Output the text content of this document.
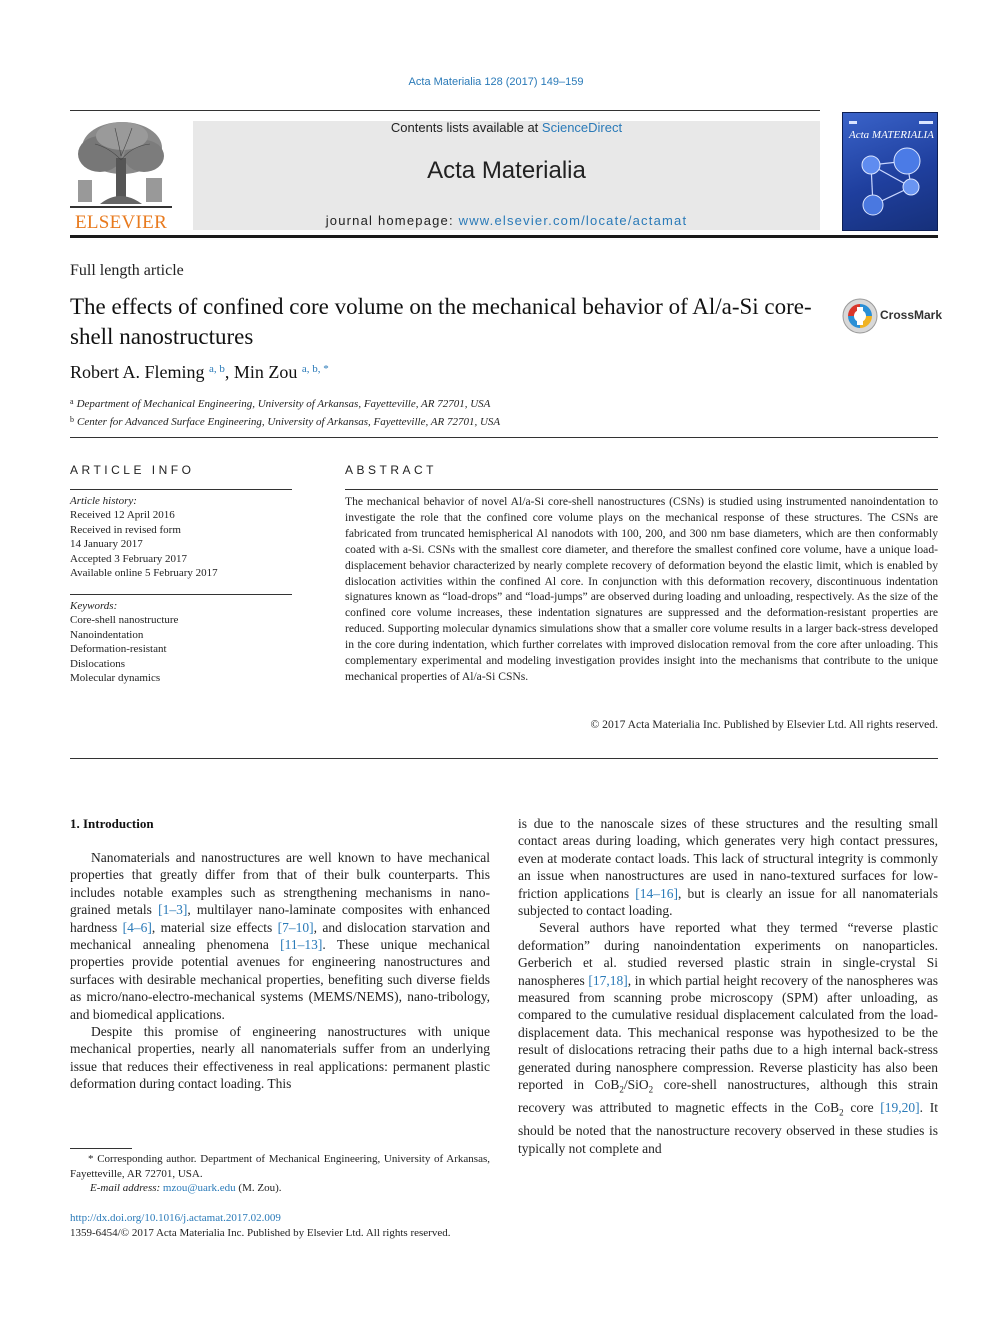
Acta Materialia 128 (2017) 149–159
ELSEVIER
Contents lists available at ScienceDirect
Acta Materialia
journal homepage: www.elsevier.com/locate/actamat
Acta MATERIALIA
Full length article
The effects of confined core volume on the mechanical behavior of Al/a-Si core-shell nanostructures
CrossMark
Robert A. Fleming $^{a, b}$, Min Zou $^{a, b, *}$
$^a$ Department of Mechanical Engineering, University of Arkansas, Fayetteville, AR 72701, USA
$^b$ Center for Advanced Surface Engineering, University of Arkansas, Fayetteville, AR 72701, USA
ARTICLE INFO
Article history:
Received 12 April 2016
Received in revised form
14 January 2017
Accepted 3 February 2017
Available online 5 February 2017
Keywords:
Core-shell nanostructure
Nanoindentation
Deformation-resistant
Dislocations
Molecular dynamics
ABSTRACT
The mechanical behavior of novel Al/a-Si core-shell nanostructures (CSNs) is studied using instrumented nanoindentation to investigate the role that the confined core volume plays on the mechanical response of these structures. The CSNs are fabricated from truncated hemispherical Al nanodots with 100, 200, and 300 nm base diameters, which are then conformably coated with a-Si. CSNs with the smallest core diameter, and therefore the smallest confined core volume, have a unique load-displacement behavior characterized by nearly complete recovery of deformation beyond the elastic limit, which is enabled by dislocation activities within the confined Al core. In conjunction with this deformation recovery, discontinuous indentation signatures known as “load-drops” and “load-jumps” are observed during loading and unloading, respectively. As the size of the confined core volume increases, these indentation signatures are suppressed and the deformation-resistant properties are reduced. Supporting molecular dynamics simulations show that a smaller core volume results in a larger back-stress developed in the core during indentation, which further correlates with improved dislocation removal from the core after unloading. This complementary experimental and modeling investigation provides insight into the mechanisms that contribute to the unique mechanical properties of Al/a-Si CSNs.
© 2017 Acta Materialia Inc. Published by Elsevier Ltd. All rights reserved.
1. Introduction

Nanomaterials and nanostructures are well known to have mechanical properties that greatly differ from that of their bulk counterparts. This includes notable examples such as strengthening mechanisms in nano-grained metals [1–3], multilayer nano-laminate composites with enhanced hardness [4–6], material size effects [7–10], and dislocation starvation and mechanical annealing phenomena [11–13]. These unique mechanical properties provide potential avenues for engineering nanostructures and surfaces with desirable mechanical properties, benefiting such diverse fields as micro/nano-electro-mechanical systems (MEMS/NEMS), nano-tribology, and biomedical applications.

Despite this promise of engineering nanostructures with unique mechanical properties, nearly all nanomaterials suffer from an underlying issue that reduces their effectiveness in real applications: permanent plastic deformation during contact loading. This

is due to the nanoscale sizes of these structures and the resulting small contact areas during loading, which generates very high contact pressures, even at moderate contact loads. This lack of structural integrity is commonly an issue when nanostructures are used in nano-textured surfaces for low-friction applications [14–16], but is clearly an issue for all nanomaterials subjected to contact loading.

Several authors have reported what they termed “reverse plastic deformation” during nanoindentation experiments on nanoparticles. Gerberich et al. studied reversed plastic strain in single-crystal Si nanospheres [17,18], in which partial height recovery of the nanospheres was measured from scanning probe microscopy (SPM) after unloading, as compared to the cumulative residual displacement calculated from the load-displacement data. This mechanical response was hypothesized to be the result of dislocations retracing their paths due to a high internal back-stress generated during nanosphere compression. Reverse plasticity has also been reported in CoB$_2$/SiO$_2$ core-shell nanostructures, although this strain recovery was attributed to magnetic effects in the CoB$_2$ core [19,20]. It should be noted that the nanostructure recovery observed in these studies is typically not complete and

* Corresponding author. Department of Mechanical Engineering, University of Arkansas, Fayetteville, AR 72701, USA.
E-mail address: mzou@uark.edu (M. Zou).
http://dx.doi.org/10.1016/j.actamat.2017.02.009
1359-6454/© 2017 Acta Materialia Inc. Published by Elsevier Ltd. All rights reserved.
